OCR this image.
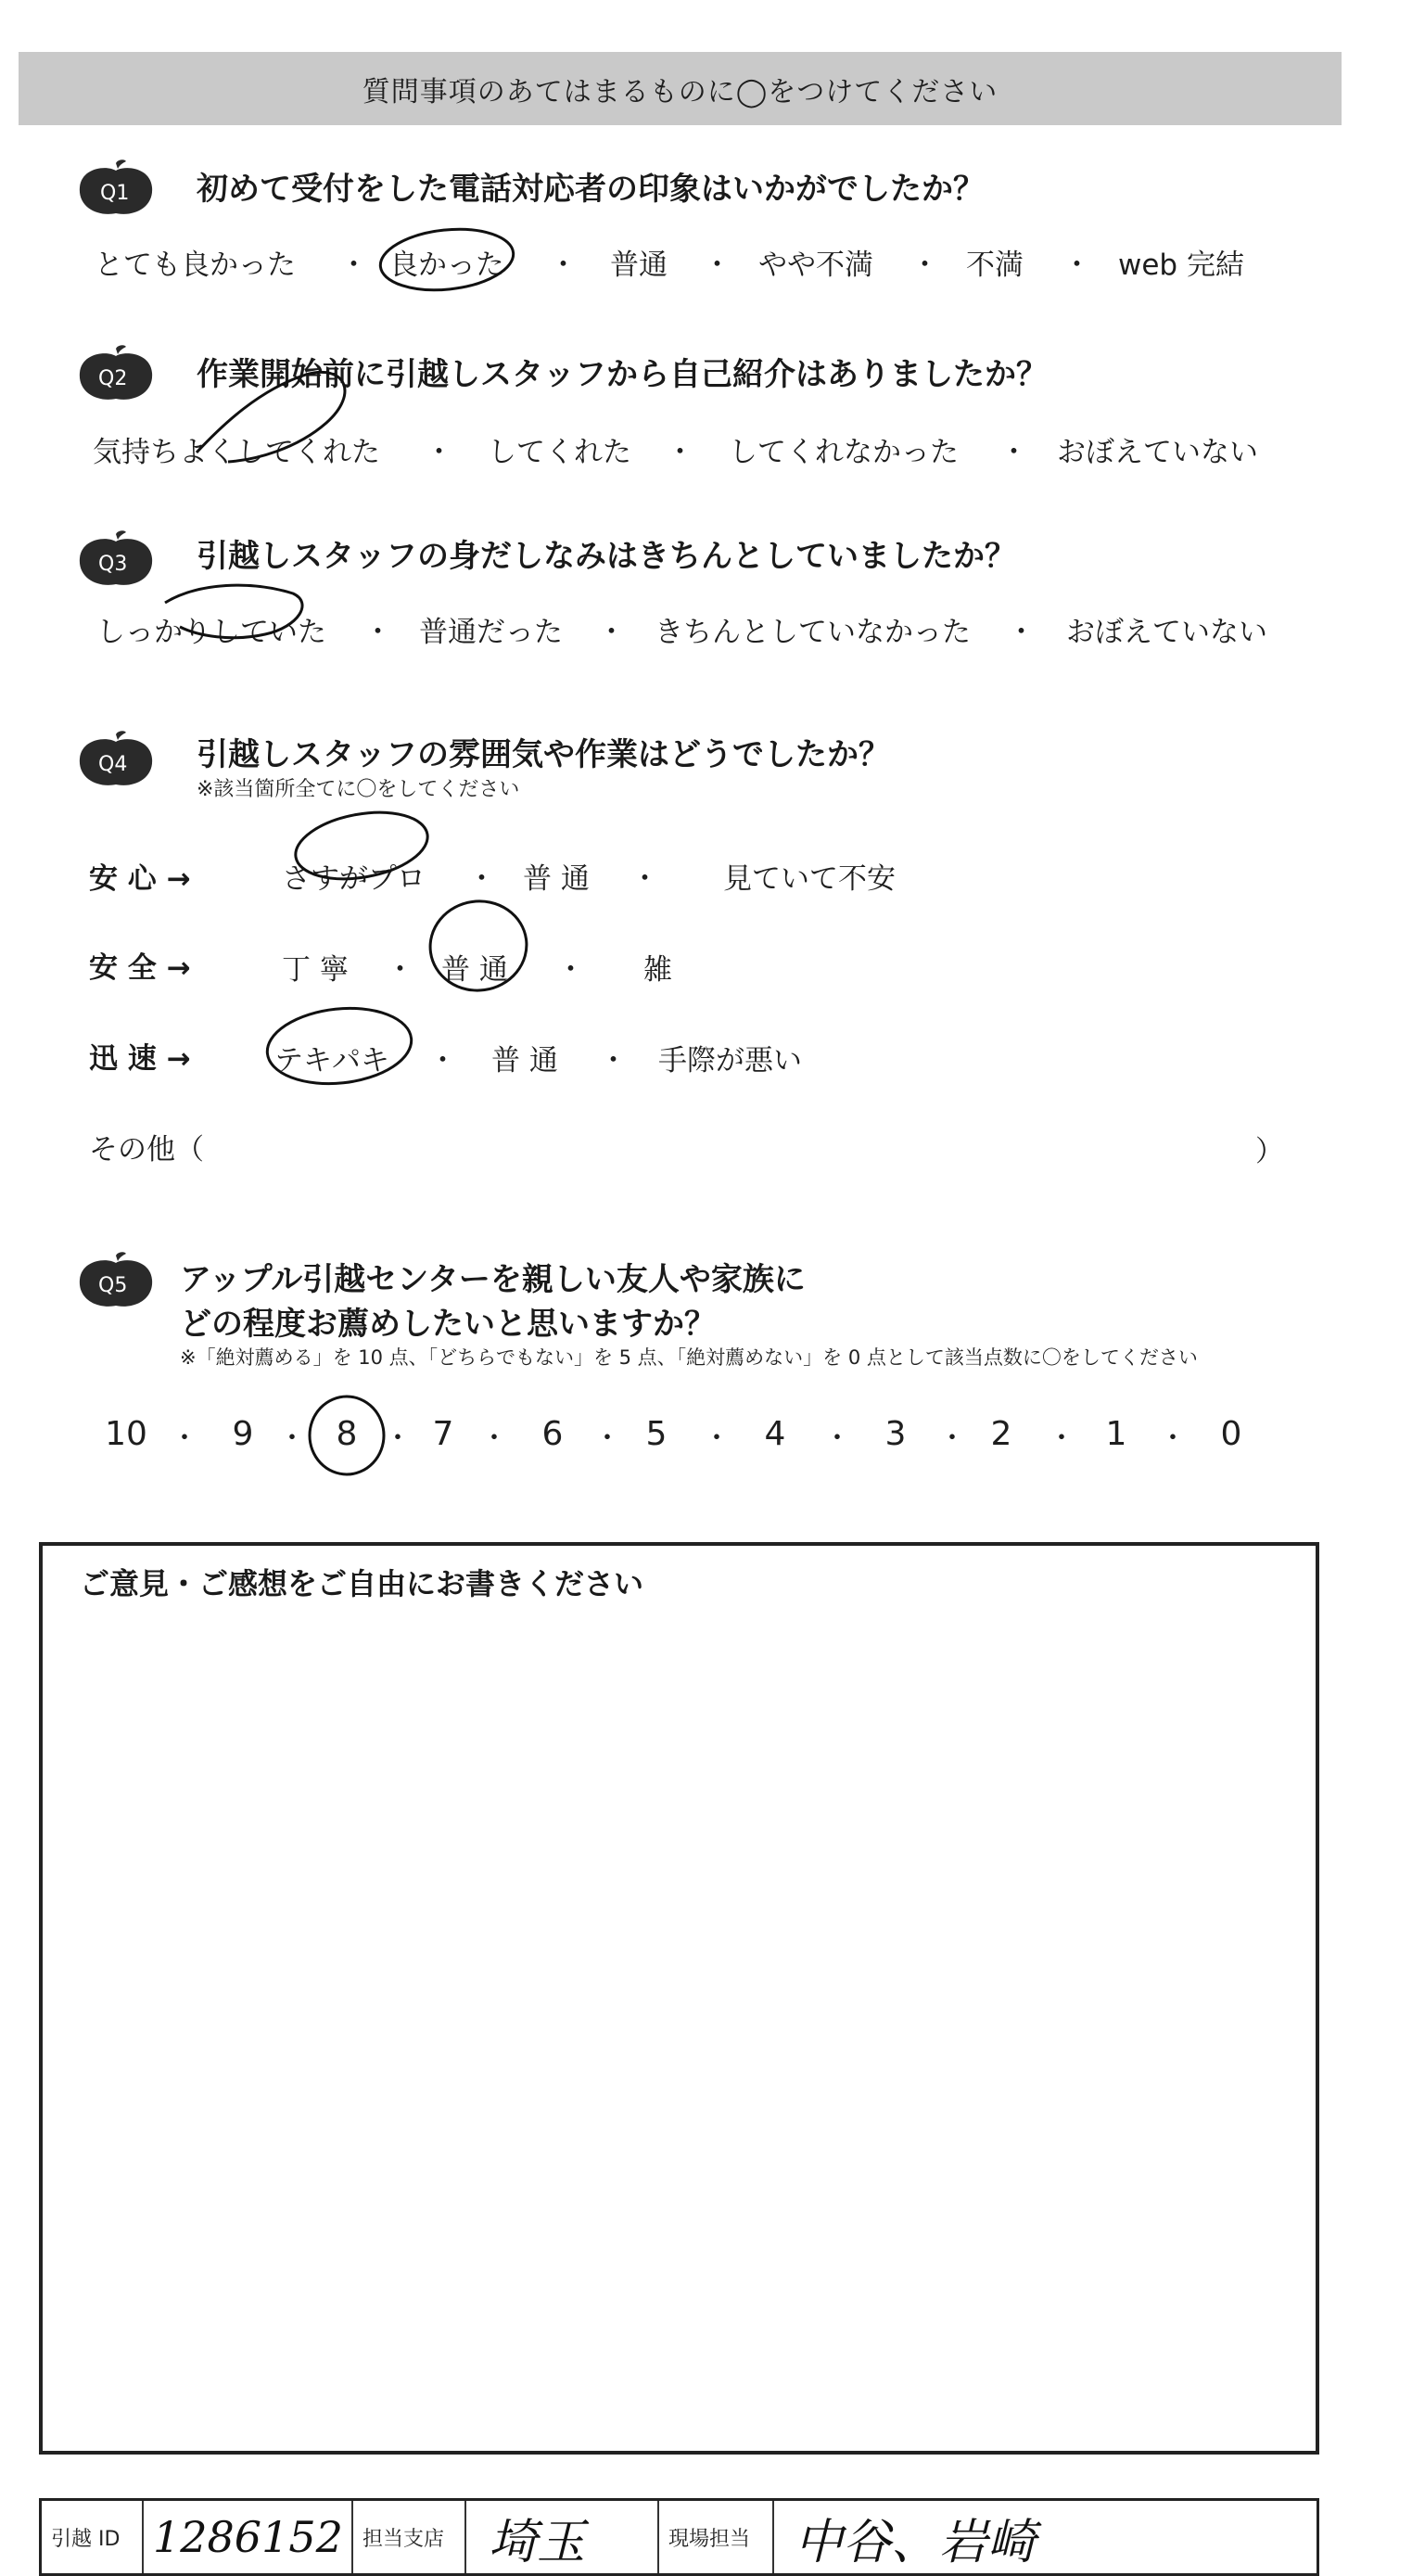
質問事項のあてはまるものに◯をつけてください
Q1 初めて受付をした電話対応者の印象はいかがでしたか？
とても良かった ・ 良かった ・ 普通 ・ やや不満 ・ 不満 ・ web 完結
Q2 作業開始前に引越しスタッフから自己紹介はありましたか？
気持ちよくしてくれた ・ してくれた ・ してくれなかった ・ おぼえていない
Q3 引越しスタッフの身だしなみはきちんとしていましたか？
しっかりしていた ・ 普通だった ・ きちんとしていなかった ・ おぼえていない
Q4 引越しスタッフの雰囲気や作業はどうでしたか？
※該当箇所全てに〇をしてください
安 心 →	さすがプロ ・ 普 通 ・ 見ていて不安
安 全 →	丁 寧 ・ 普 通 ・ 雑
迅 速 →	テキパキ ・ 普 通 ・ 手際が悪い
その他（	）
Q5 アップル引越センターを親しい友人や家族に
どの程度お薦めしたいと思いますか？
※「絶対薦める」を 10 点、「どちらでもない」を 5 点、「絶対薦めない」を 0 点として該当点数に〇をしてください
10 ・ 9 ・ 8 ・ 7 ・ 6 ・ 5 ・ 4 ・ 3 ・ 2 ・ 1 ・ 0
ご意見・ご感想をご自由にお書きください
引越 ID 1286152 担当支店 埼玉	現場担当 中谷、岩崎
